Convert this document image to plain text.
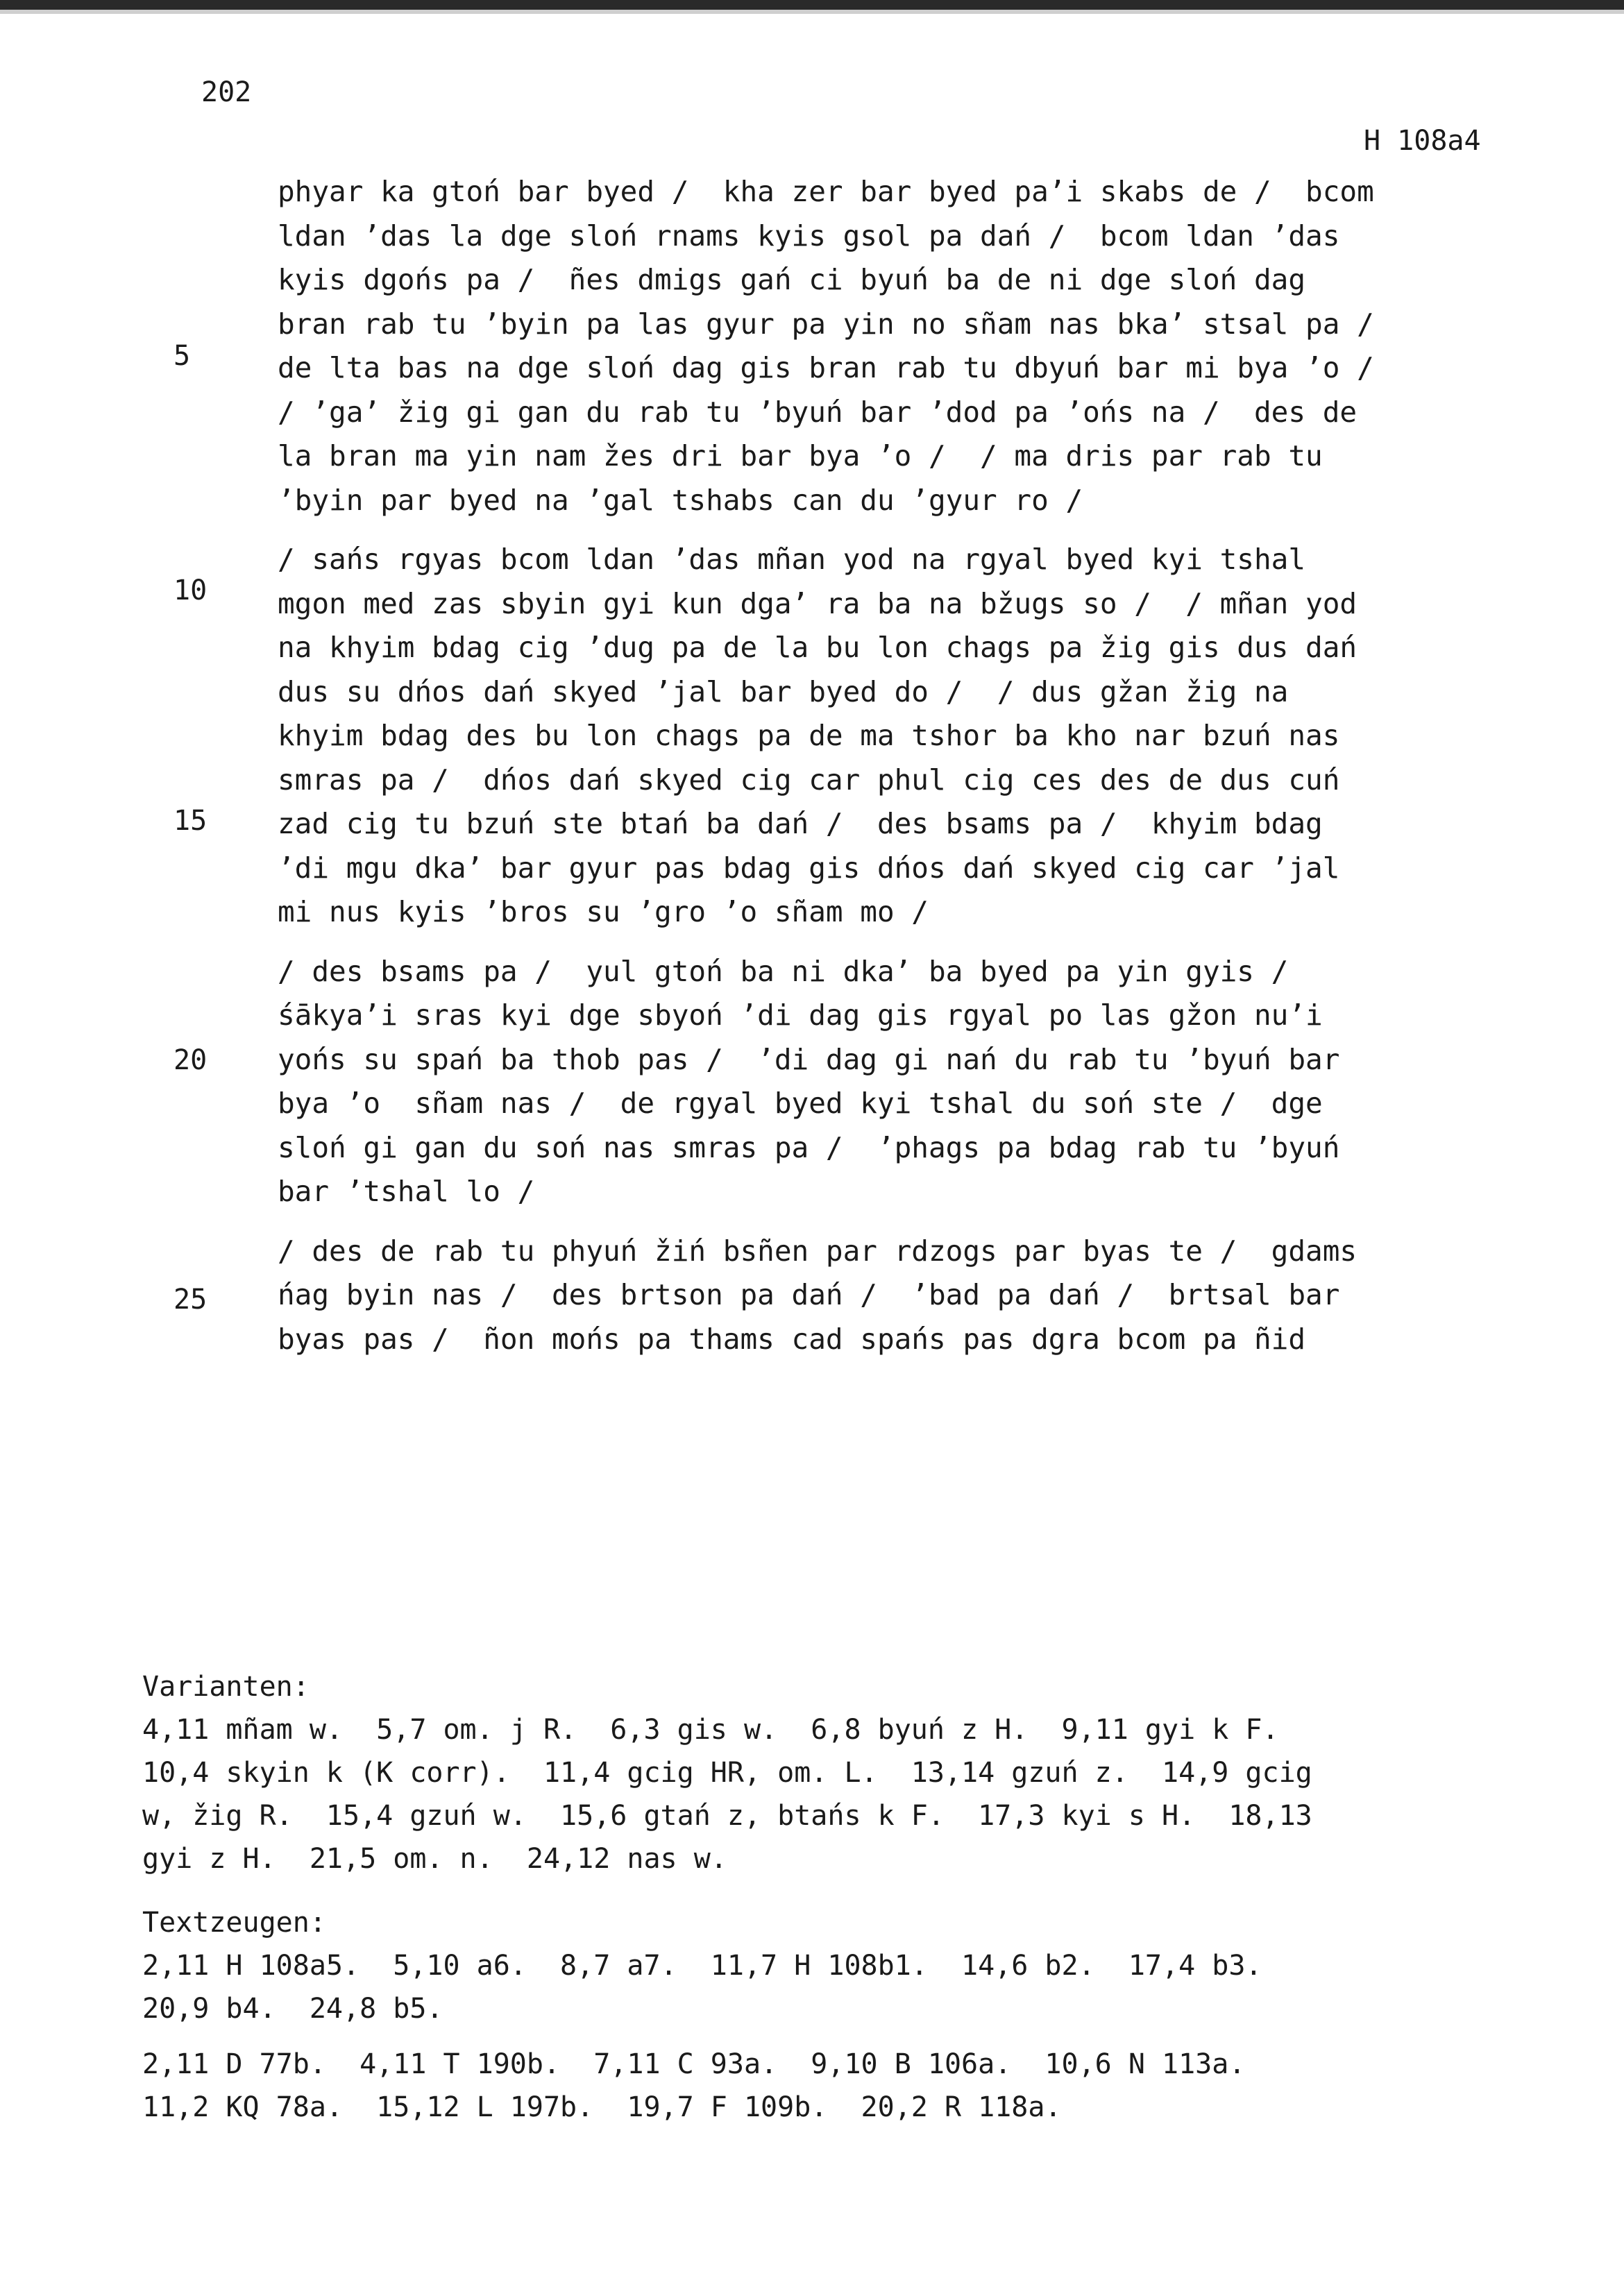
202
H 108a4
5
10
15
20
25
phyar ka gtoń bar byed /  kha zer bar byed pa’i skabs de /  bcom
ldan ’das la dge sloń rnams kyis gsol pa dań /  bcom ldan ’das
kyis dgońs pa /  ñes dmigs gań ci byuń ba de ni dge sloń dag
bran rab tu ’byin pa las gyur pa yin no sñam nas bka’ stsal pa /
de lta bas na dge sloń dag gis bran rab tu dbyuń bar mi bya ’o /
/ ’ga’ žig gi gan du rab tu ’byuń bar ’dod pa ’ońs na /  des de
la bran ma yin nam žes dri bar bya ’o /  / ma dris par rab tu
’byin par byed na ’gal tshabs can du ’gyur ro /
/ sańs rgyas bcom ldan ’das mñan yod na rgyal byed kyi tshal
mgon med zas sbyin gyi kun dga’ ra ba na bžugs so /  / mñan yod
na khyim bdag cig ’dug pa de la bu lon chags pa žig gis dus dań
dus su dńos dań skyed ’jal bar byed do /  / dus gžan žig na
khyim bdag des bu lon chags pa de ma tshor ba kho nar bzuń nas
smras pa /  dńos dań skyed cig car phul cig ces des de dus cuń
zad cig tu bzuń ste btań ba dań /  des bsams pa /  khyim bdag
’di mgu dka’ bar gyur pas bdag gis dńos dań skyed cig car ’jal
mi nus kyis ’bros su ’gro ’o sñam mo /
/ des bsams pa /  yul gtoń ba ni dka’ ba byed pa yin gyis /
śākya’i sras kyi dge sbyoń ’di dag gis rgyal po las gžon nu’i
yońs su spań ba thob pas /  ’di dag gi nań du rab tu ’byuń bar
bya ’o  sñam nas /  de rgyal byed kyi tshal du soń ste /  dge
sloń gi gan du soń nas smras pa /  ’phags pa bdag rab tu ’byuń
bar ’tshal lo /
/ des de rab tu phyuń žiń bsñen par rdzogs par byas te /  gdams
ńag byin nas /  des brtson pa dań /  ’bad pa dań /  brtsal bar
byas pas /  ñon mońs pa thams cad spańs pas dgra bcom pa ñid
Varianten:
4,11 mñam w.  5,7 om. j R.  6,3 gis w.  6,8 byuń z H.  9,11 gyi k F.
10,4 skyin k (K corr).  11,4 gcig HR, om. L.  13,14 gzuń z.  14,9 gcig
w, žig R.  15,4 gzuń w.  15,6 gtań z, btańs k F.  17,3 kyi s H.  18,13
gyi z H.  21,5 om. n.  24,12 nas w.
Textzeugen:
2,11 H 108a5.  5,10 a6.  8,7 a7.  11,7 H 108b1.  14,6 b2.  17,4 b3.
20,9 b4.  24,8 b5.
2,11 D 77b.  4,11 T 190b.  7,11 C 93a.  9,10 B 106a.  10,6 N 113a.
11,2 KQ 78a.  15,12 L 197b.  19,7 F 109b.  20,2 R 118a.
